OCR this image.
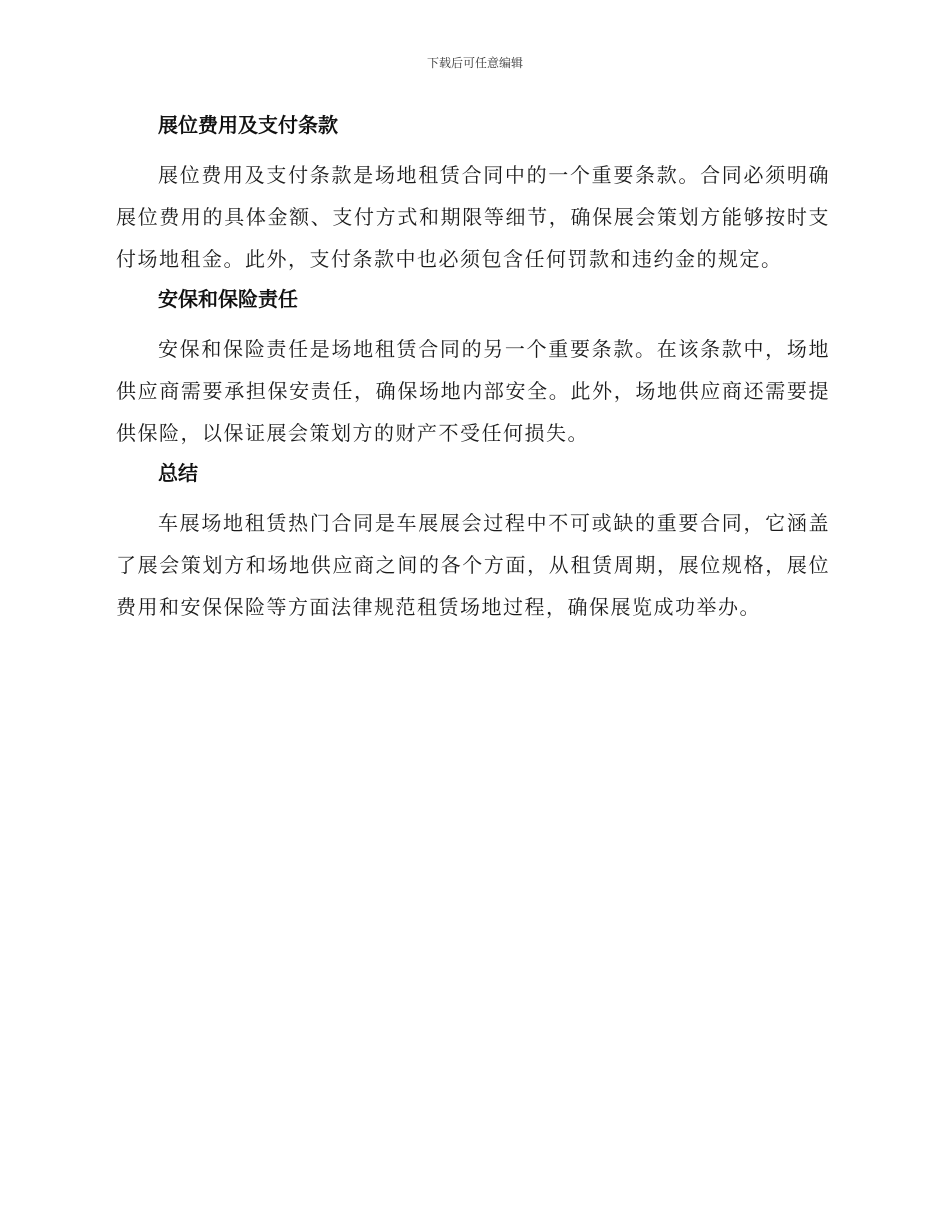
下载后可任意编辑
展位费用及支付条款

展位费用及支付条款是场地租赁合同中的一个重要条款。合同必须明确展位费用的具体金额、支付方式和期限等细节，确保展会策划方能够按时支付场地租金。此外，支付条款中也必须包含任何罚款和违约金的规定。

安保和保险责任

安保和保险责任是场地租赁合同的另一个重要条款。在该条款中，场地供应商需要承担保安责任，确保场地内部安全。此外，场地供应商还需要提供保险，以保证展会策划方的财产不受任何损失。

总结

车展场地租赁热门合同是车展展会过程中不可或缺的重要合同，它涵盖了展会策划方和场地供应商之间的各个方面，从租赁周期，展位规格，展位费用和安保保险等方面法律规范租赁场地过程，确保展览成功举办。
